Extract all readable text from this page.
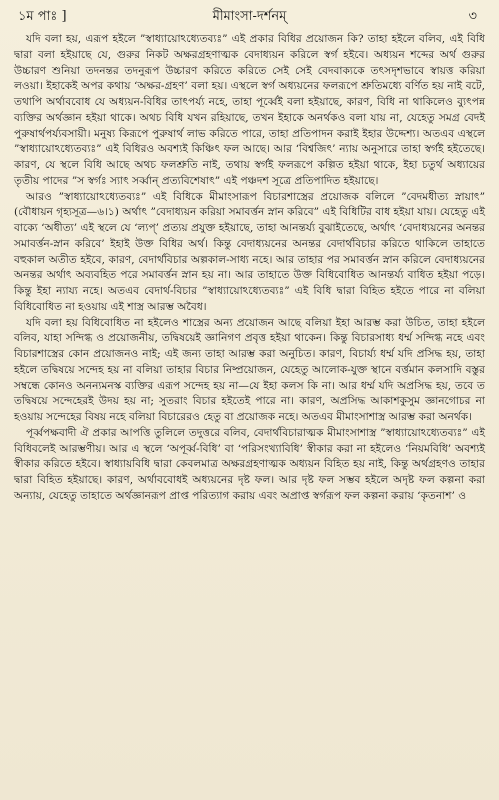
১ম পাঃ ]	মীমাংসা-দর্শনম্	৩

যদি বলা হয়, এরূপ হইলে ”স্বাধ্যায়োঽধ্যেতব্যঃ” এই প্রকার বিধির প্রয়োজন কি? তাহা হইলে বলিব, এই বিধি দ্বারা বলা হইয়াছে যে, গুরুর নিকট অক্ষরগ্রহণাত্মক বেদাধ্যয়ন করিলে স্বর্গ হইবে। অধ্যয়ন শব্দের অর্থ গুরুর উচ্চারণ শুনিয়া তদনন্তর তদনুরূপ উচ্চারণ করিতে করিতে সেই সেই বেদবাক্যকে তৎসদৃশভাবে স্বায়ত্ত করিয়া লওয়া। ইহাকেই অপর কথায় ‘অক্ষর-গ্রহণ’ বলা হয়। এস্থলে স্বর্গ অধ্যয়নের ফলরূপে শ্রুতিমধ্যে বর্ণিত হয় নাই বটে, তথাপি অর্থাববোধ যে অধ্যয়ন-বিধির তাৎপর্য্য নহে, তাহা পূর্ব্বেই বলা হইয়াছে, কারণ, বিধি না থাকিলেও ব্যুৎপন্ন ব্যক্তির অর্থজ্ঞান হইয়া থাকে। অথচ বিধি যখন রহিয়াছে, তখন ইহাকে অনর্থকও বলা যায় না, যেহেতু সমগ্র বেদই পুরুষার্থপর্য্যবসায়ী। মনুষ্য কিরূপে পুরুষার্থ লাভ করিতে পারে, তাহা প্রতিপাদন করাই ইহার উদ্দেশ্য। অতএব এস্থলে ”স্বাধ্যায়োঽধ্যেতব্যঃ” এই বিধিরও অবশ্যই কিঞ্চিৎ ফল আছে। আর ‘বিশ্বজিৎ’ ন্যায় অনুসারে তাহা স্বর্গই হইতেছে। কারণ, যে স্থলে বিধি আছে অথচ ফলশ্রুতি নাই, তথায় স্বর্গই ফলরূপে কল্পিত হইয়া থাকে, ইহা চতুর্থ অধ্যায়ের তৃতীয় পাদের ”স স্বর্গঃ স্যাৎ সর্ব্বান্ প্রত্যবিশেষাৎ” এই পঞ্চদশ সূত্রে প্রতিপাদিত হইয়াছে।

আরও ”স্বাধ্যায়োঽধ্যেতব্যঃ” এই বিধিকে মীমাংসারূপ বিচারশাস্ত্রের প্রয়োজক বলিলে ”বেদমধীত্য স্নায়াৎ” (বৌধায়ন গৃহ্যসূত্র—৬।১) অর্থাৎ ”বেদাধ্যয়ন করিয়া সমাবর্ত্তন স্নান করিবে” এই বিধিটির বাধ হইয়া যায়। যেহেতু এই বাক্যে ‘অধীত্য’ এই স্থলে যে ‘ল্যপ্’ প্রত্যয় প্রযুক্ত হইয়াছে, তাহা আনন্তর্য্য বুঝাইতেছে, অর্থাৎ ‘বেদাধ্যয়নের অনন্তর সমাবর্ত্তন-স্নান করিবে’ ইহাই উক্ত বিধির অর্থ। কিন্তু বেদাধ্যয়নের অনন্তর বেদার্থবিচার করিতে থাকিলে তাহাতে বহুকাল অতীত হইবে, কারণ, বেদার্থবিচার অল্পকাল-সাধ্য নহে। আর তাহার পর সমাবর্ত্তন স্নান করিলে বেদাধ্যয়নের অনন্তর অর্থাৎ অব্যবহিত পরে সমাবর্ত্তন স্নান হয় না। আর তাহাতে উক্ত বিধিবোধিত আনন্তর্য্য বাধিত হইয়া পড়ে। কিন্তু ইহা ন্যায্য নহে। অতএব বেদার্থ-বিচার ”স্বাধ্যায়োঽধ্যেতব্যঃ” এই বিধি দ্বারা বিহিত হইতে পারে না বলিয়া বিধিবোধিত না হওয়ায় এই শাস্ত্র আরম্ভ অবৈধ।

যদি বলা হয় বিধিবোধিত না হইলেও শাস্ত্রের অন্য প্রয়োজন আছে বলিয়া ইহা আরম্ভ করা উচিত, তাহা হইলে বলিব, যাহা সন্দিগ্ধ ও প্রয়োজনীয়, তদ্বিষয়েই জ্ঞানিগণ প্রবৃত্ত হইয়া থাকেন। কিন্তু বিচারসাধ্য ধর্ম্ম সন্দিগ্ধ নহে এবং বিচারশাস্ত্রের কোন প্রয়োজনও নাই; এই জন্য তাহা আরম্ভ করা অনুচিত। কারণ, বিচার্য্য ধর্ম্ম যদি প্রসিদ্ধ হয়, তাহা হইলে তদ্বিষয়ে সন্দেহ হয় না বলিয়া তাহার বিচার নিষ্প্রয়োজন, যেহেতু আলোক-যুক্ত স্থানে বর্ত্তমান কলসাদি বস্তুর সম্বন্ধে কোনও অনন্যমনস্ক ব্যক্তির এরূপ সন্দেহ হয় না—যে ইহা কলস কি না। আর ধর্ম্ম যদি অপ্রসিদ্ধ হয়, তবে ত তদ্বিষয়ে সন্দেহেরই উদয় হয় না; সুতরাং বিচার হইতেই পারে না। কারণ, অপ্রসিদ্ধ আকাশকুসুম জ্ঞানগোচর না হওয়ায় সন্দেহের বিষয় নহে বলিয়া বিচারেরও হেতু বা প্রয়োজক নহে। অতএব মীমাংসাশাস্ত্র আরম্ভ করা অনর্থক।

পূর্ব্বপক্ষবাদী ঐ প্রকার আপত্তি তুলিলে তদুত্তরে বলিব, বেদার্থবিচারাত্মক মীমাংসাশাস্ত্র ”স্বাধ্যায়োঽধ্যেতব্যঃ” এই বিধিবলেই আরম্ভণীয়। আর এ স্থলে ‘অপূর্ব্ব-বিধি’ বা ‘পরিসংখ্যাবিধি’ স্বীকার করা না হইলেও ‘নিয়মবিধি’ অবশ্যই স্বীকার করিতে হইবে। স্বাধ্যায়বিধি দ্বারা কেবলমাত্র অক্ষরগ্রহণাত্মক অধ্যয়ন বিহিত হয় নাই, কিন্তু অর্থগ্রহণও তাহার দ্বারা বিহিত হইয়াছে। কারণ, অর্থাববোধই অধ্যয়নের দৃষ্ট ফল। আর দৃষ্ট ফল সম্ভব হইলে অদৃষ্ট ফল কল্পনা করা অন্যায়, যেহেতু তাহাতে অর্থজ্ঞানরূপ প্রাপ্ত পরিত্যাগ করায় এবং অপ্রাপ্ত স্বর্গরূপ ফল কল্পনা করায় ‘কৃতনাশ’ ও
